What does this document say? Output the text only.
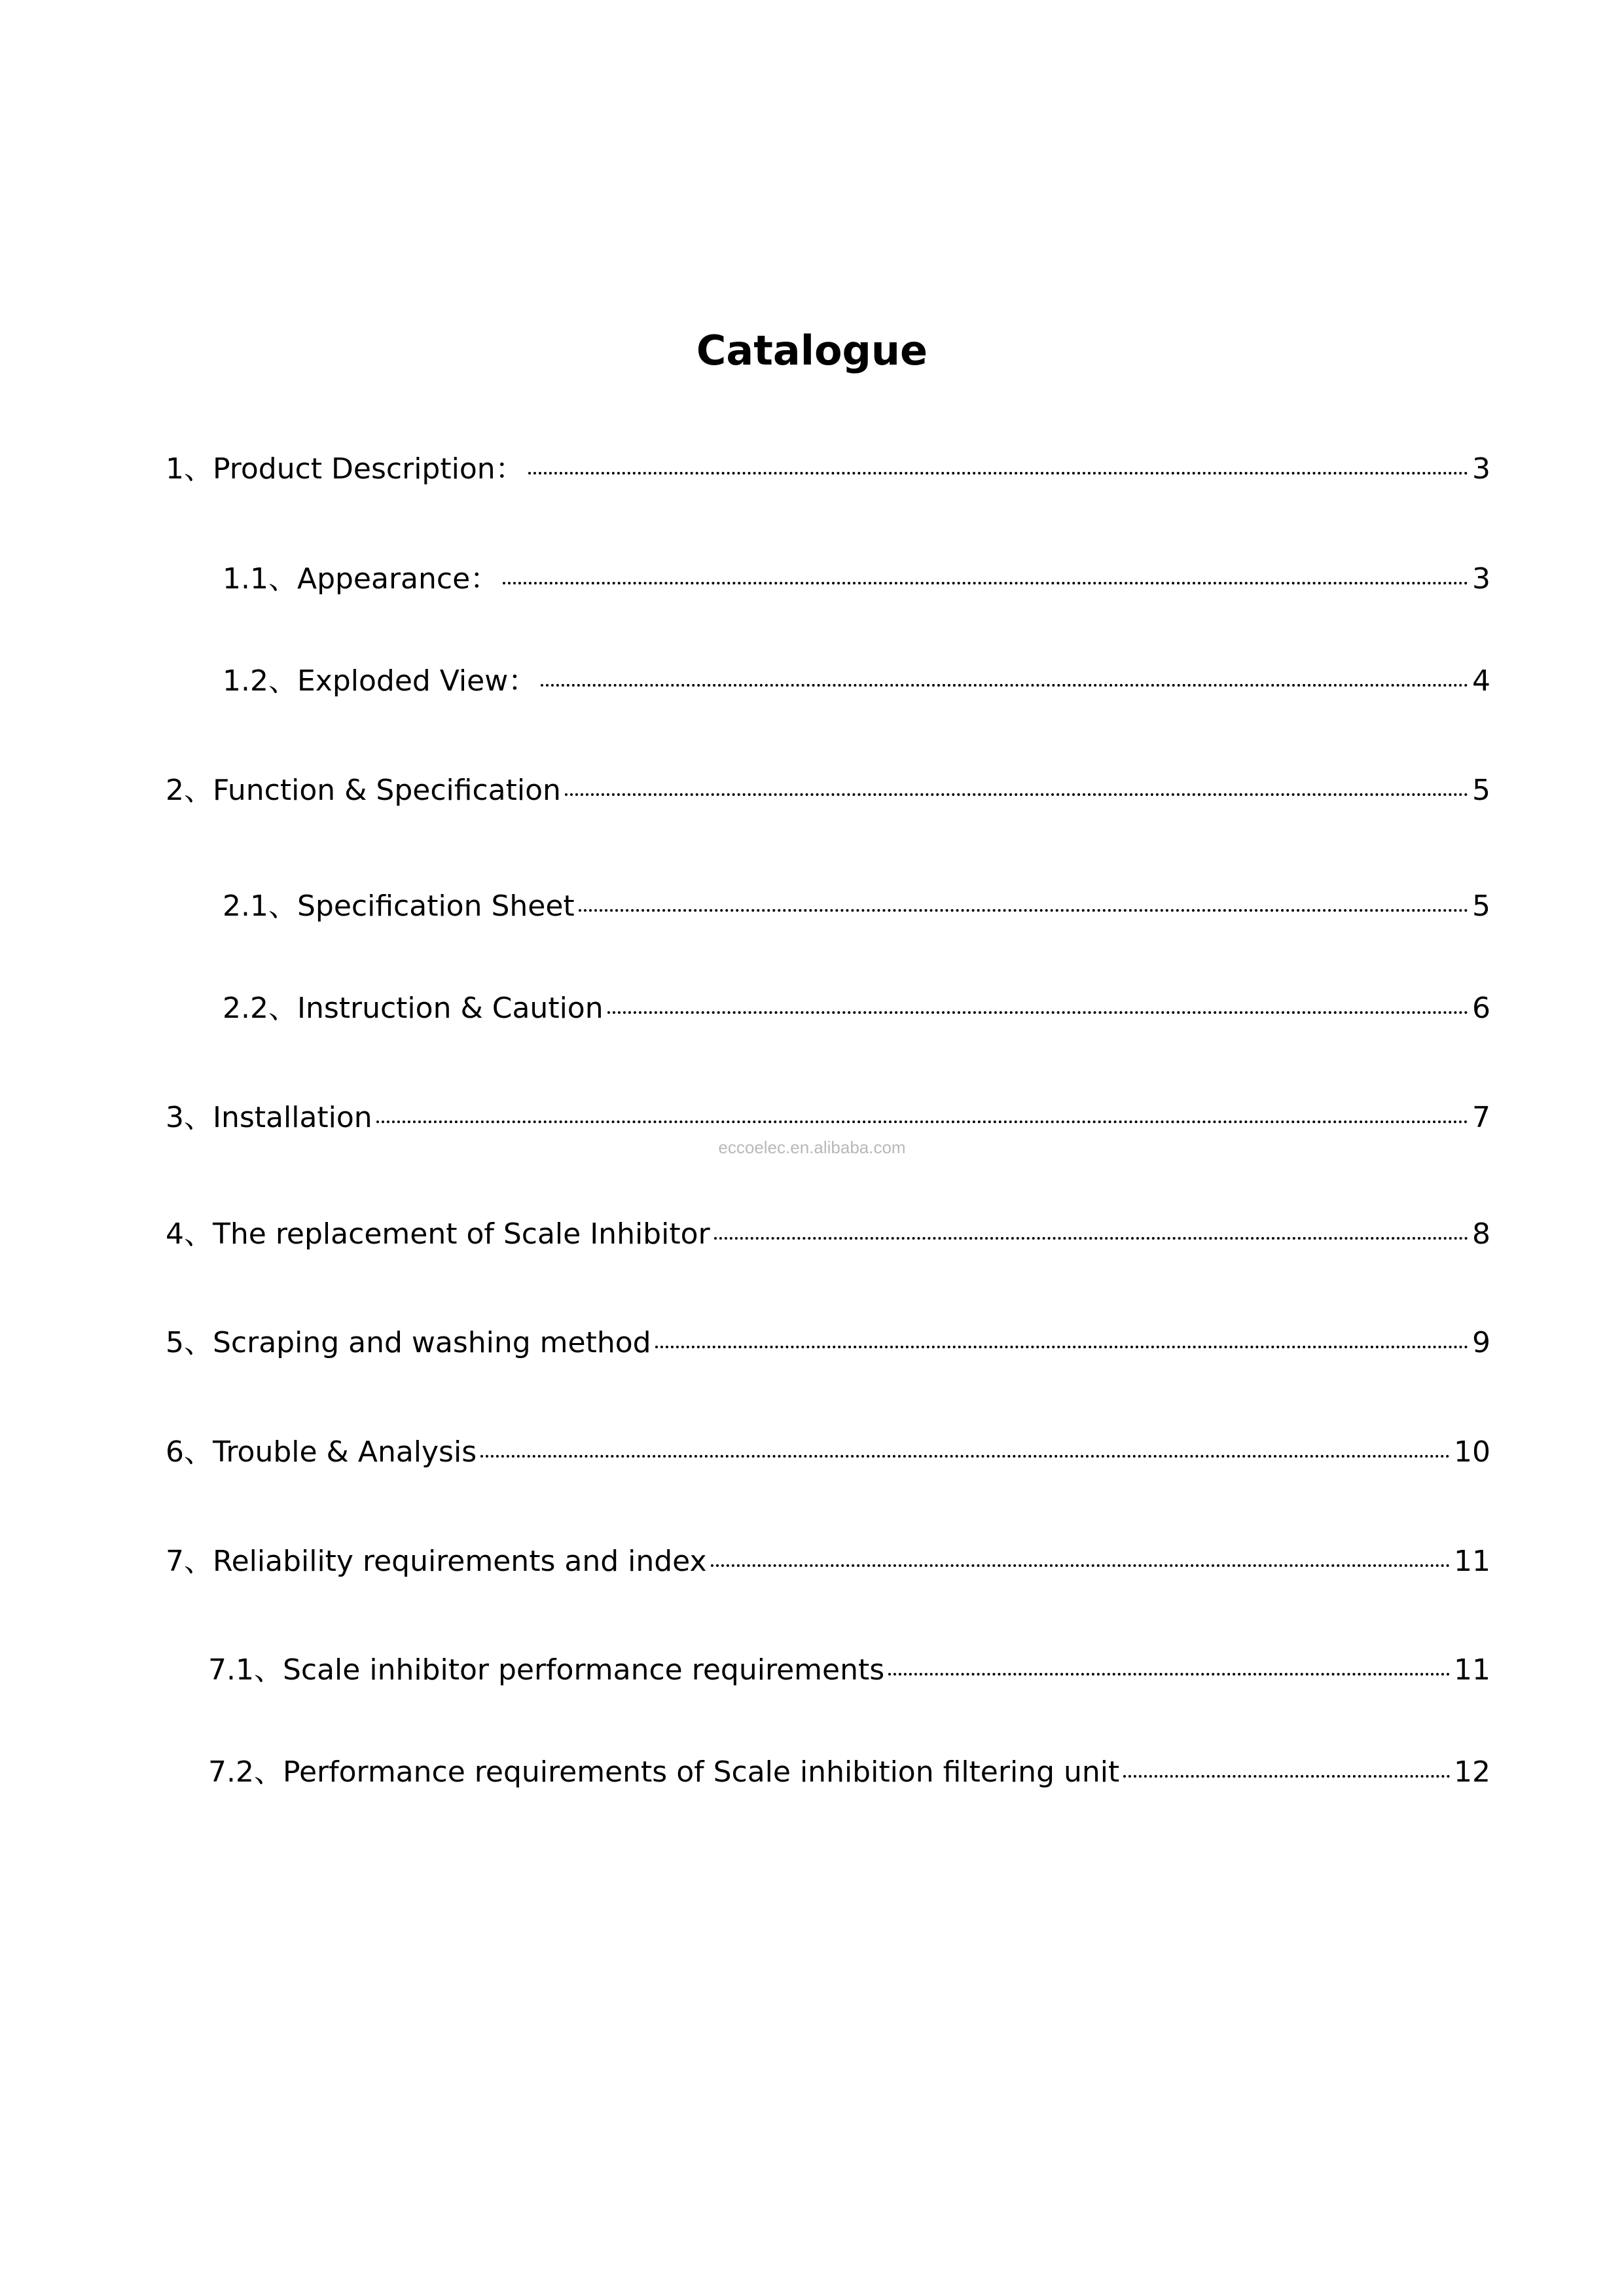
Catalogue
1、Product Description：	3
1.1、Appearance：	3
1.2、Exploded View：	4
2、Function & Specification	5
2.1、Specification Sheet	5
2.2、Instruction & Caution	6
3、Installation	7
eccoelec.en.alibaba.com
4、The replacement of Scale Inhibitor	8
5、Scraping and washing method	9
6、Trouble & Analysis	10
7、Reliability requirements and index	11
7.1、Scale inhibitor performance requirements	11
7.2、Performance requirements of Scale inhibition filtering unit	12
